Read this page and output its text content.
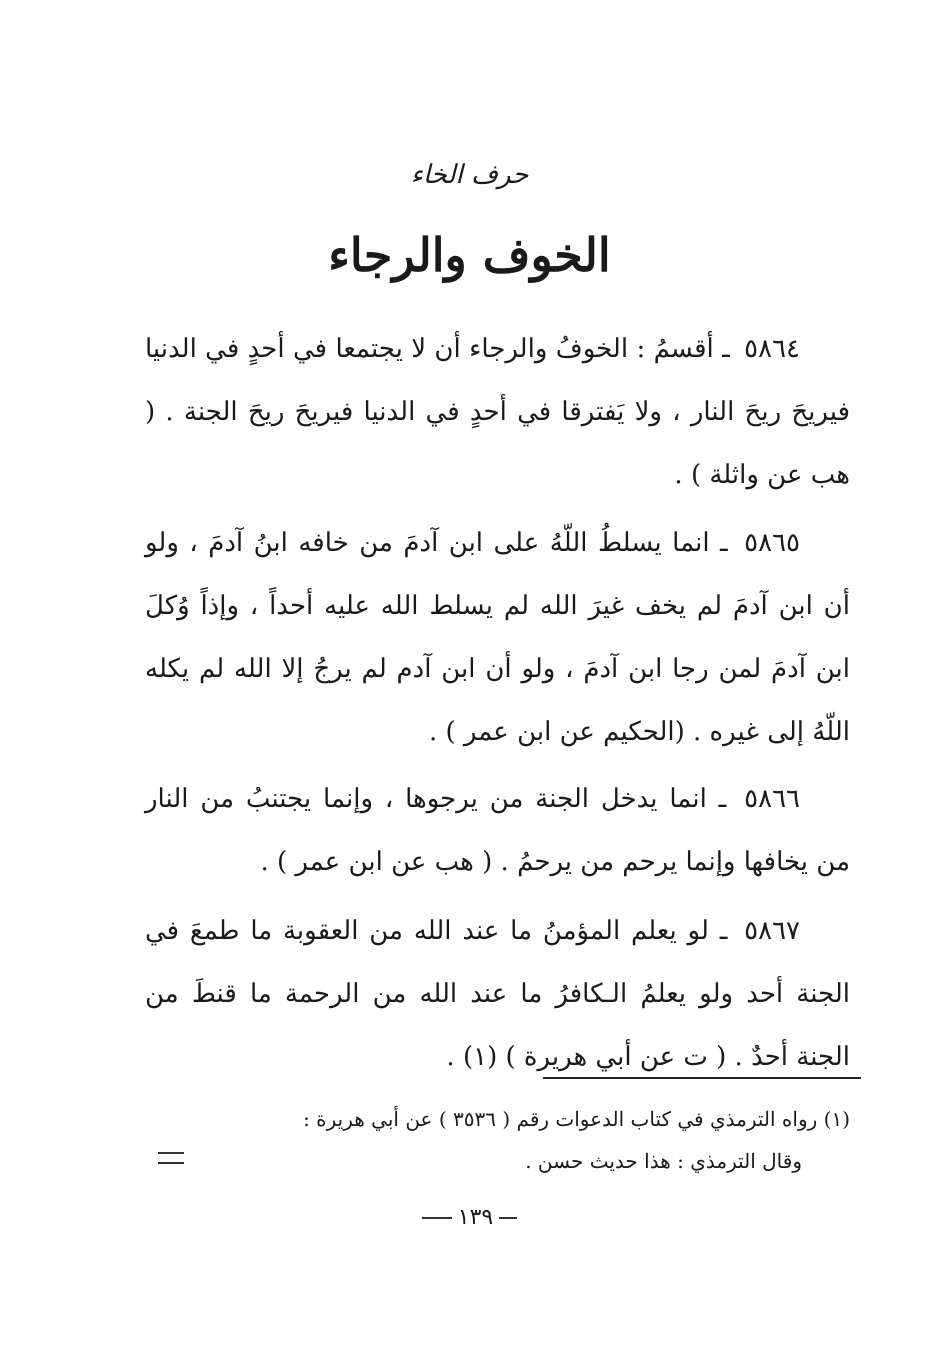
حرف الخاء
الخوف والرجاء
٥٨٦٤ ـ أقسمُ : الخوفُ والرجاء أن لا يجتمعا في أحدٍ في الدنيا فيريحَ ريحَ النار ، ولا يَفترقا في أحدٍ في الدنيا فيريحَ ريحَ الجنة . ( هب عن واثلة ) .
٥٨٦٥ ـ انما يسلطُ اللّهُ على ابن آدمَ من خافه ابنُ آدمَ ، ولو أن ابن آدمَ لم يخف غيرَ الله لم يسلط الله عليه أحداً ، وإذاً وُكلَ ابن آدمَ لمن رجا ابن آدمَ ، ولو أن ابن آدم لم يرجُ إلا الله لم يكله اللّهُ إلى غيره . (الحكيم عن ابن عمر ) .
٥٨٦٦ ـ انما يدخل الجنة من يرجوها ، وإنما يجتنبُ من النار من يخافها وإنما يرحم من يرحمُ . ( هب عن ابن عمر ) .
٥٨٦٧ ـ لو يعلم المؤمنُ ما عند الله من العقوبة ما طمعَ في الجنة أحد ولو يعلمُ الـكافرُ ما عند الله من الرحمة ما قنطَ من الجنة أحدٌ . ( ت عن أبي هريرة ) (١) .
(١) رواه الترمذي في كتاب الدعوات رقم ( ٣٥٣٦ ) عن أبي هريرة :
وقال الترمذي : هذا حديث حسن .
١٣٩
